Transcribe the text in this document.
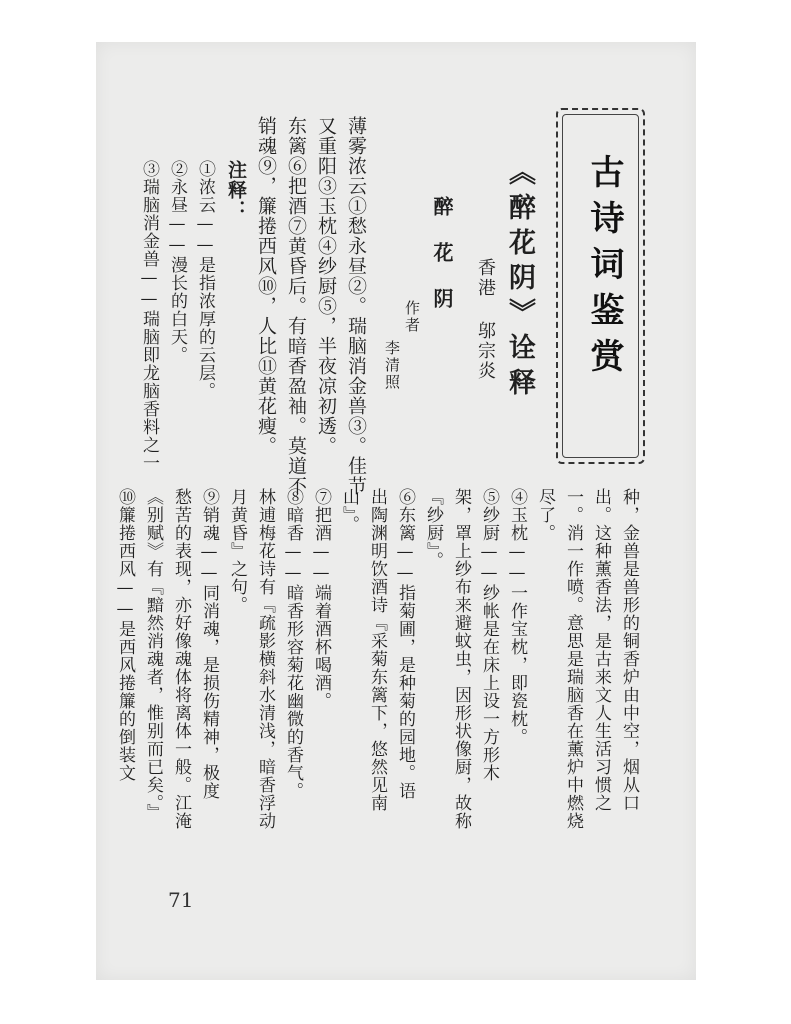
古诗词鉴赏
《醉花阴》诠释
香港 邬宗炎
醉花阴
作者
李清照
薄雾浓云①愁永昼②。瑞脑消金兽③。佳节
又重阳③玉枕④纱厨⑤，半夜凉初透。
东篱⑥把酒⑦黄昏后。有暗香盈袖。莫道不
销魂⑨，簾捲西风⑩，人比⑪黄花瘦。
注释：
①浓云——是指浓厚的云层。
②永昼——漫长的白天。
③瑞脑消金兽——瑞脑即龙脑香料之一
种，金兽是兽形的铜香炉由中空，烟从口
出。这种薰香法，是古来文人生活习惯之
一。消一作喷。意思是瑞脑香在薰炉中燃烧
尽了。
④玉枕——一作宝枕，即瓷枕。
⑤纱厨——纱帐是在床上设一方形木
架，罩上纱布来避蚊虫，因形状像厨，故称
『纱厨』。
⑥东篱——指菊圃，是种菊的园地。语
出陶渊明饮酒诗『采菊东篱下，悠然见南
山』。
⑦把酒——端着酒杯喝酒。
⑧暗香——暗香形容菊花幽微的香气。
林逋梅花诗有『疏影横斜水清浅，暗香浮动
月黄昏』之句。
⑨销魂——同消魂，是损伤精神，极度
愁苦的表现，亦好像魂体将离体一般。江淹
《别赋》有『黯然消魂者，惟别而已矣。』
⑩簾捲西风——是西风捲簾的倒装文
71
